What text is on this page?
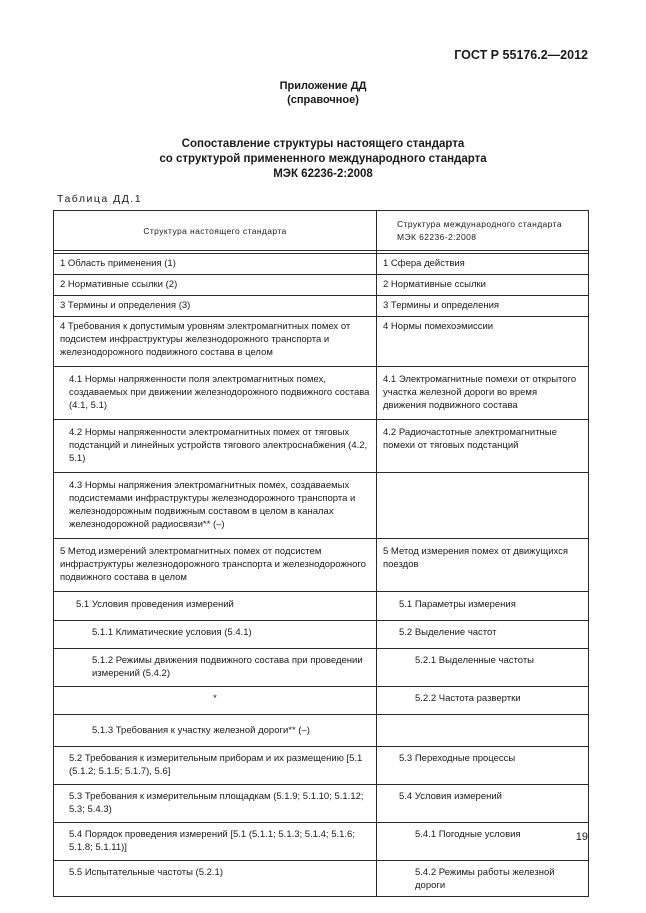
ГОСТ Р 55176.2—2012
Приложение ДД
(справочное)
Сопоставление структуры настоящего стандарта
со структурой примененного международного стандарта
МЭК 62236-2:2008
Таблица ДД.1
Структура настоящего стандарта	Структура международного стандарта
МЭК 62236-2:2008

1 Область применения (1)	1 Сфера действия
2 Нормативные ссылки (2)	2 Нормативные ссылки
3 Термины и определения (3)	3 Термины и определения
4 Требования к допустимым уровням электромагнитных помех от подсистем инфраструктуры железнодорожного транспорта и железнодорожного подвижного состава в целом	4 Нормы помехоэмиссии
4.1 Нормы напряженности поля электромагнитных помех, создаваемых при движении железнодорожного подвижного состава (4.1, 5.1)	4.1 Электромагнитные помехи от открытого участка железной дороги во время движения подвижного состава
4.2 Нормы напряженности электромагнитных помех от тяговых подстанций и линейных устройств тягового электроснабжения (4.2, 5.1)	4.2 Радиочастотные электромагнитные помехи от тяговых подстанций
4.3 Нормы напряжения электромагнитных помех, создаваемых подсистемами инфраструктуры железнодорожного транспорта и железнодорожным подвижным составом в целом в каналах железнодорожной радиосвязи** (–)	
5 Метод измерений электромагнитных помех от подсистем инфраструктуры железнодорожного транспорта и железнодорожного подвижного состава в целом	5 Метод измерения помех от движущихся поездов
5.1 Условия проведения измерений	5.1 Параметры измерения
5.1.1 Климатические условия (5.4.1)	5.2 Выделение частот
5.1.2 Режимы движения подвижного состава при проведении измерений (5.4.2)	5.2.1 Выделенные частоты
*	5.2.2 Частота развертки
5.1.3 Требования к участку железной дороги** (–)	
5.2 Требования к измерительным приборам и их размещению [5.1 (5.1.2; 5.1.5; 5.1.7), 5.6]	5.3 Переходные процессы
5.3 Требования к измерительным площадкам (5.1.9; 5.1.10; 5.1.12; 5.3; 5.4.3)	5.4 Условия измерений
5.4 Порядок проведения измерений [5.1 (5.1.1; 5.1.3; 5.1.4; 5.1.6; 5.1.8; 5.1.11)]	5.4.1 Погодные условия
5.5 Испытательные частоты (5.2.1)	5.4.2 Режимы работы железной дороги
19
